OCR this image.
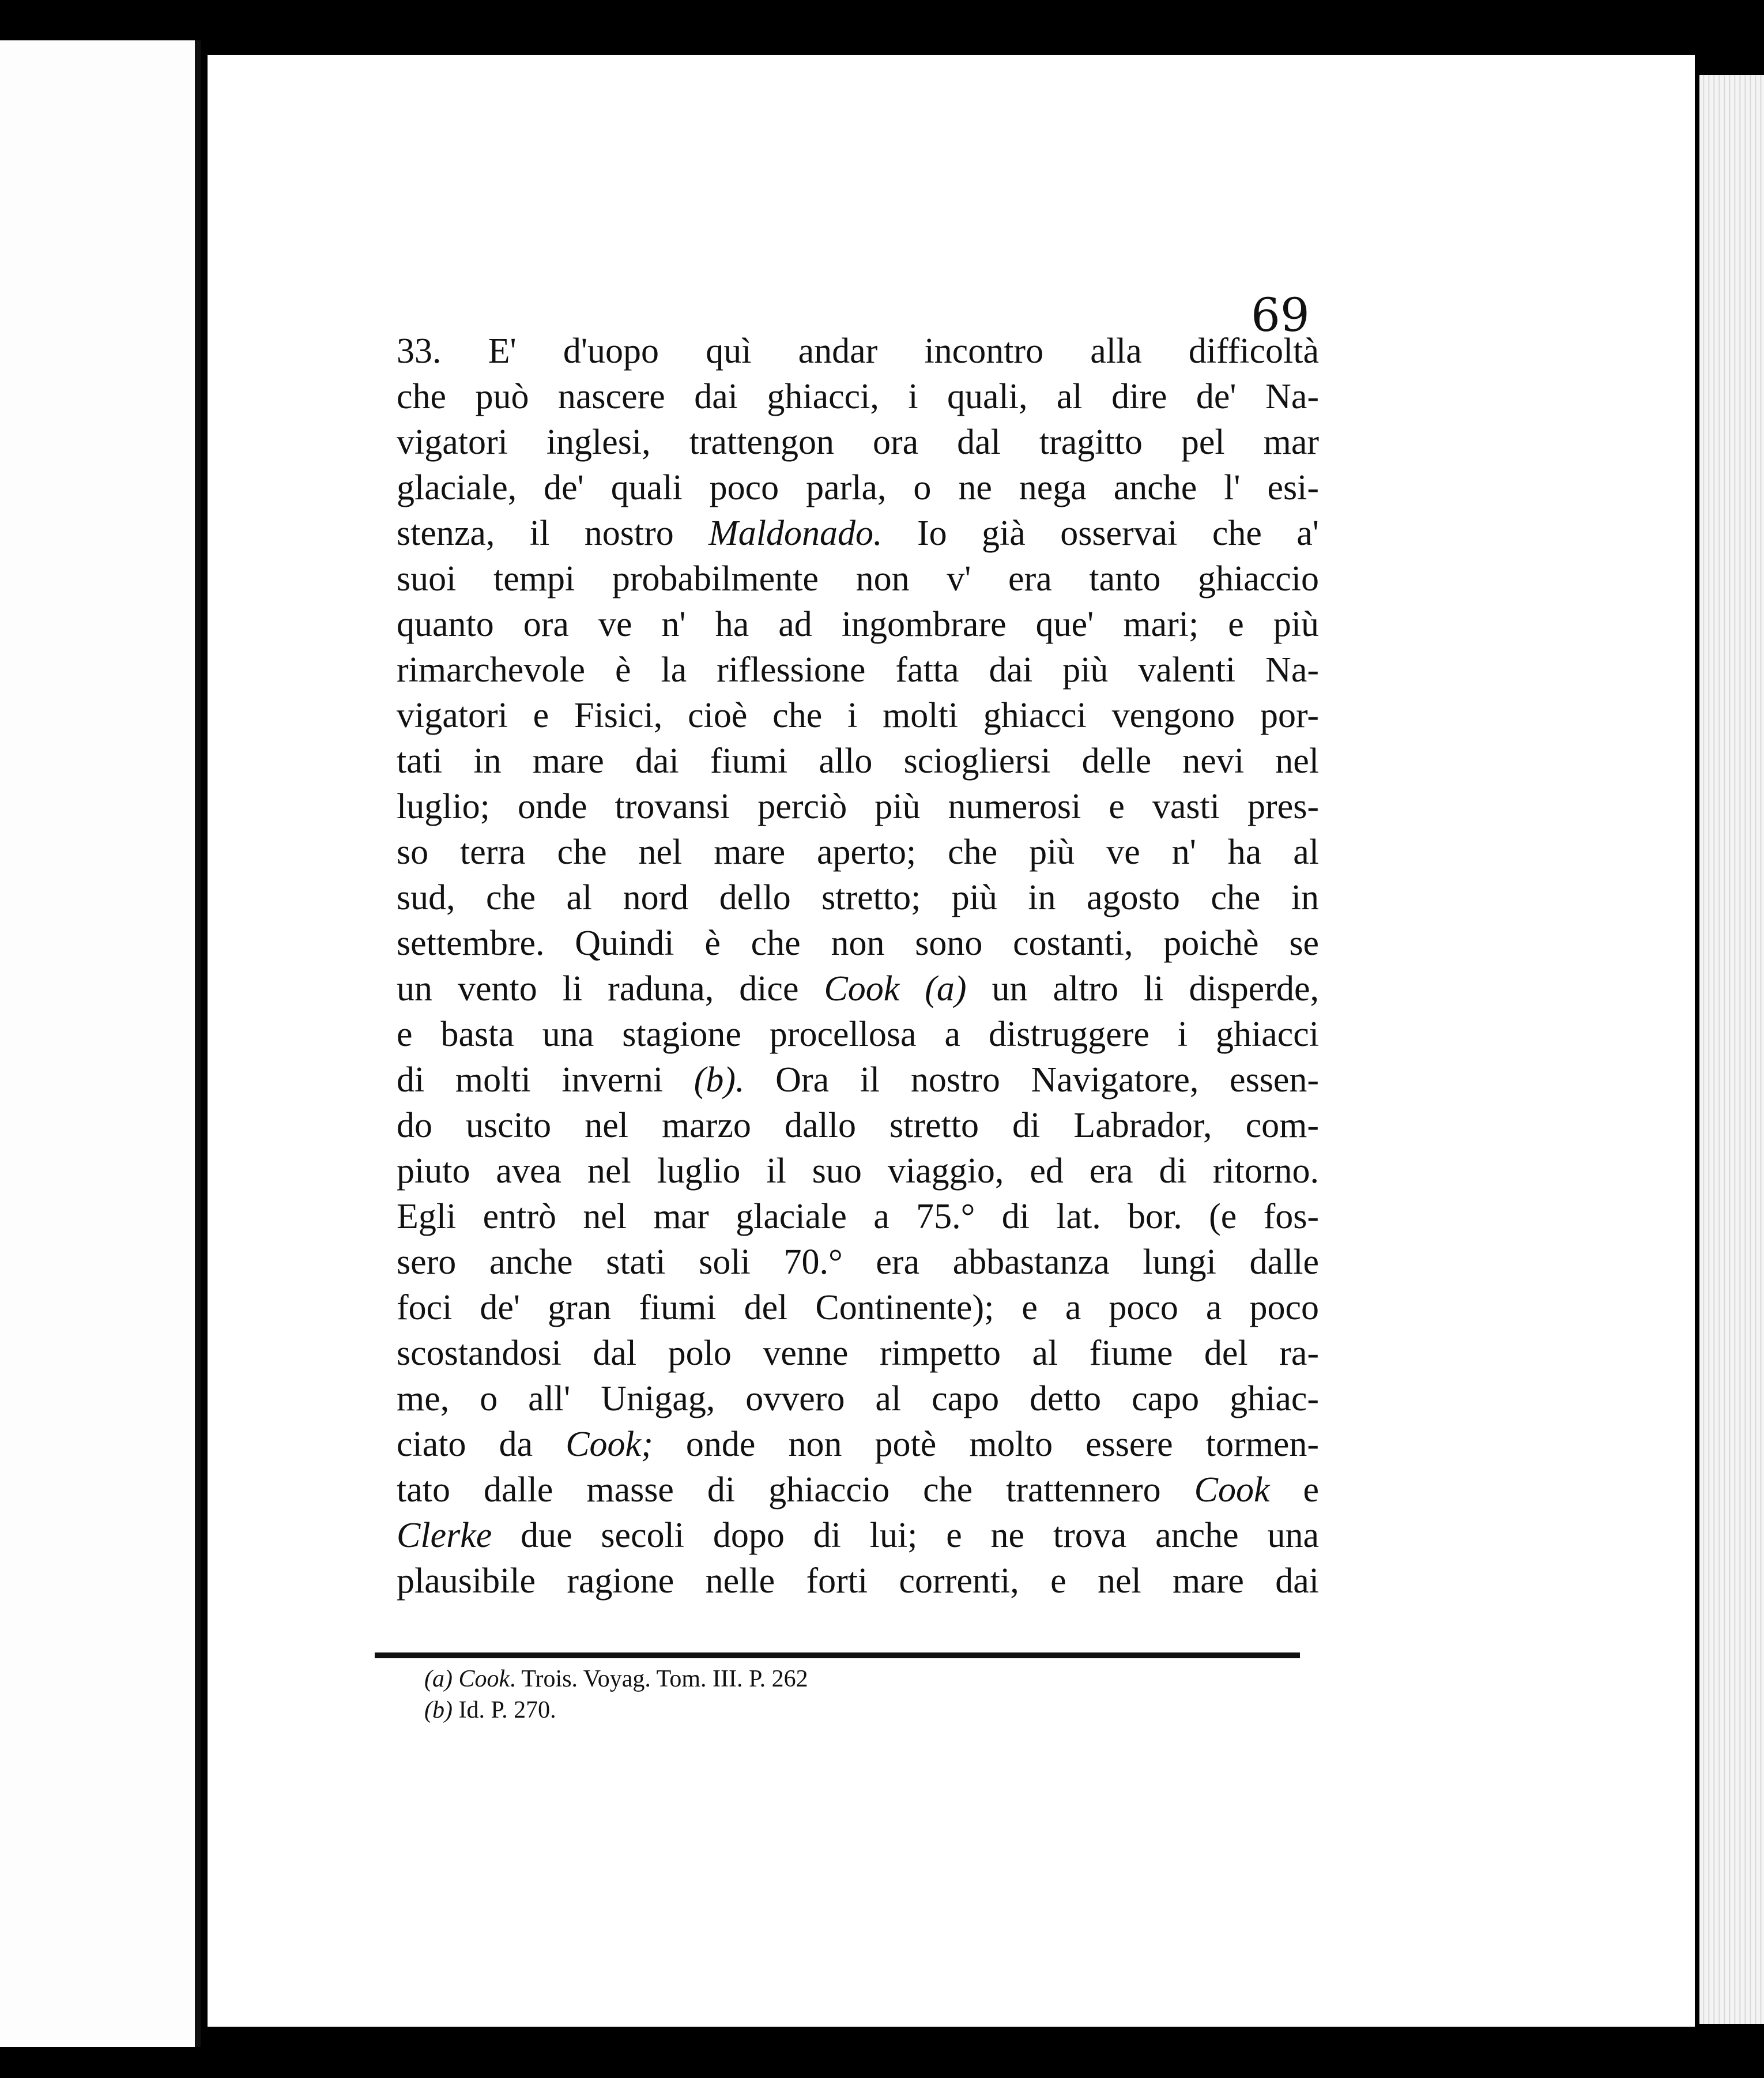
69
33. E' d'uopo quì andar incontro alla difficoltà
che può nascere dai ghiacci, i quali, al dire de' Na-
vigatori inglesi, trattengon ora dal tragitto pel mar
glaciale, de' quali poco parla, o ne nega anche l' esi-
stenza, il nostro Maldonado. Io già osservai che a'
suoi tempi probabilmente non v' era tanto ghiaccio
quanto ora ve n' ha ad ingombrare que' mari; e più
rimarchevole è la riflessione fatta dai più valenti Na-
vigatori e Fisici, cioè che i molti ghiacci vengono por-
tati in mare dai fiumi allo sciogliersi delle nevi nel
luglio; onde trovansi perciò più numerosi e vasti pres-
so terra che nel mare aperto; che più ve n' ha al
sud, che al nord dello stretto; più in agosto che in
settembre. Quindi è che non sono costanti, poichè se
un vento li raduna, dice Cook (a) un altro li disperde,
e basta una stagione procellosa a distruggere i ghiacci
di molti inverni (b). Ora il nostro Navigatore, essen-
do uscito nel marzo dallo stretto di Labrador, com-
piuto avea nel luglio il suo viaggio, ed era di ritorno.
Egli entrò nel mar glaciale a 75.° di lat. bor. (e fos-
sero anche stati soli 70.° era abbastanza lungi dalle
foci de' gran fiumi del Continente); e a poco a poco
scostandosi dal polo venne rimpetto al fiume del ra-
me, o all' Unigag, ovvero al capo detto capo ghiac-
ciato da Cook; onde non potè molto essere tormen-
tato dalle masse di ghiaccio che trattennero Cook e
Clerke due secoli dopo di lui; e ne trova anche una
plausibile ragione nelle forti correnti, e nel mare dai
(a) Cook. Trois. Voyag. Tom. III. P. 262
(b) Id. P. 270.
